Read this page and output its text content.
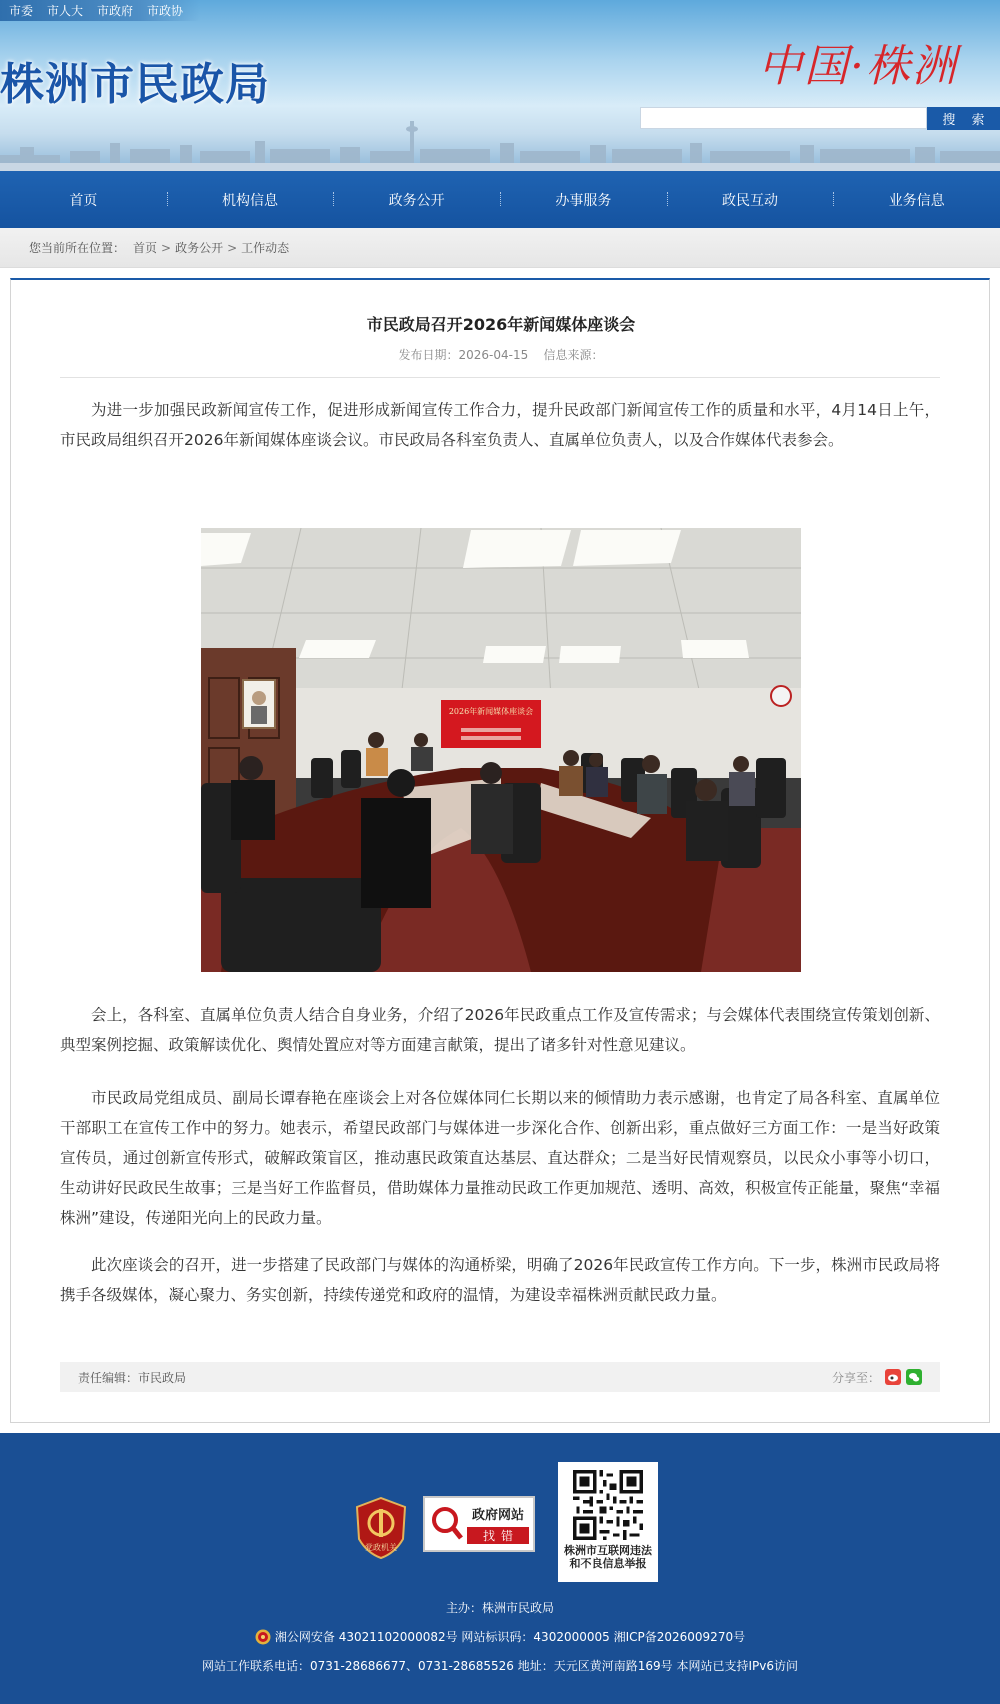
市委 市人大 市政府 市政协
株洲市民政局	中国·株洲
搜 索
首页	机构信息	政务公开	办事服务	政民互动	业务信息
您当前所在位置： 首页 > 政务公开 > 工作动态
市民政局召开2026年新闻媒体座谈会
发布日期：2026-04-15    信息来源：

为进一步加强民政新闻宣传工作，促进形成新闻宣传工作合力，提升民政部门新闻宣传工作的质量和水平，4月14日上午，市民政局组织召开2026年新闻媒体座谈会议。市民政局各科室负责人、直属单位负责人，以及合作媒体代表参会。

2026年新闻媒体座谈会

会上，各科室、直属单位负责人结合自身业务，介绍了2026年民政重点工作及宣传需求；与会媒体代表围绕宣传策划创新、典型案例挖掘、政策解读优化、舆情处置应对等方面建言献策，提出了诸多针对性意见建议。

市民政局党组成员、副局长谭春艳在座谈会上对各位媒体同仁长期以来的倾情助力表示感谢，也肯定了局各科室、直属单位干部职工在宣传工作中的努力。她表示，希望民政部门与媒体进一步深化合作、创新出彩，重点做好三方面工作：一是当好政策宣传员，通过创新宣传形式，破解政策盲区，推动惠民政策直达基层、直达群众；二是当好民情观察员，以民众小事等小切口，生动讲好民政民生故事；三是当好工作监督员，借助媒体力量推动民政工作更加规范、透明、高效，积极宣传正能量，聚焦“幸福株洲”建设，传递阳光向上的民政力量。

此次座谈会的召开，进一步搭建了民政部门与媒体的沟通桥梁，明确了2026年民政宣传工作方向。下一步，株洲市民政局将携手各级媒体，凝心聚力、务实创新，持续传递党和政府的温情，为建设幸福株洲贡献民政力量。

责任编辑：市民政局	分享至：
党政机关
政府网站
找错
株洲市互联网违法
和不良信息举报
主办：株洲市民政局
湘公网安备 43021102000082号 网站标识码：4302000005 湘ICP备2026009270号
网站工作联系电话：0731-28686677、0731-28685526 地址：天元区黄河南路169号 本网站已支持IPv6访问
